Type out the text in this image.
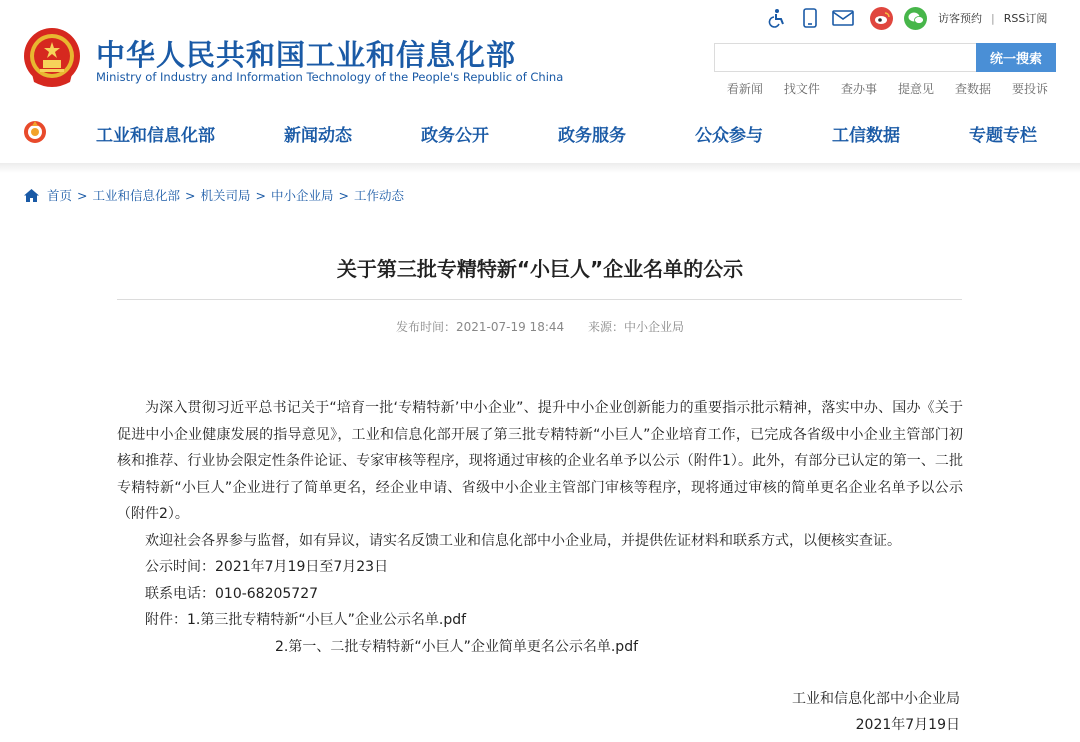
中华人民共和国工业和信息化部
Ministry of Industry and Information Technology of the People's Republic of China
访客预约 | RSS订阅
统一搜索
看新闻 找文件 查办事 提意见 查数据 要投诉
工业和信息化部	新闻动态	政务公开	政务服务	公众参与	工信数据	专题专栏
首页 > 工业和信息化部 > 机关司局 > 中小企业局 > 工作动态
关于第三批专精特新“小巨人”企业名单的公示
发布时间：2021-07-19 18:44 来源：中小企业局

为深入贯彻习近平总书记关于“培育一批‘专精特新’中小企业”、提升中小企业创新能力的重要指示批示精神，落实中办、国办《关于促进中小企业健康发展的指导意见》，工业和信息化部开展了第三批专精特新“小巨人”企业培育工作，已完成各省级中小企业主管部门初核和推荐、行业协会限定性条件论证、专家审核等程序，现将通过审核的企业名单予以公示（附件1）。此外，有部分已认定的第一、二批专精特新“小巨人”企业进行了简单更名，经企业申请、省级中小企业主管部门审核等程序，现将通过审核的简单更名企业名单予以公示（附件2）。

欢迎社会各界参与监督，如有异议，请实名反馈工业和信息化部中小企业局，并提供佐证材料和联系方式，以便核实查证。

公示时间：2021年7月19日至7月23日

联系电话：010-68205727

附件：1.第三批专精特新“小巨人”企业公示名单.pdf

2.第一、二批专精特新“小巨人”企业简单更名公示名单.pdf

工业和信息化部中小企业局
2021年7月19日
